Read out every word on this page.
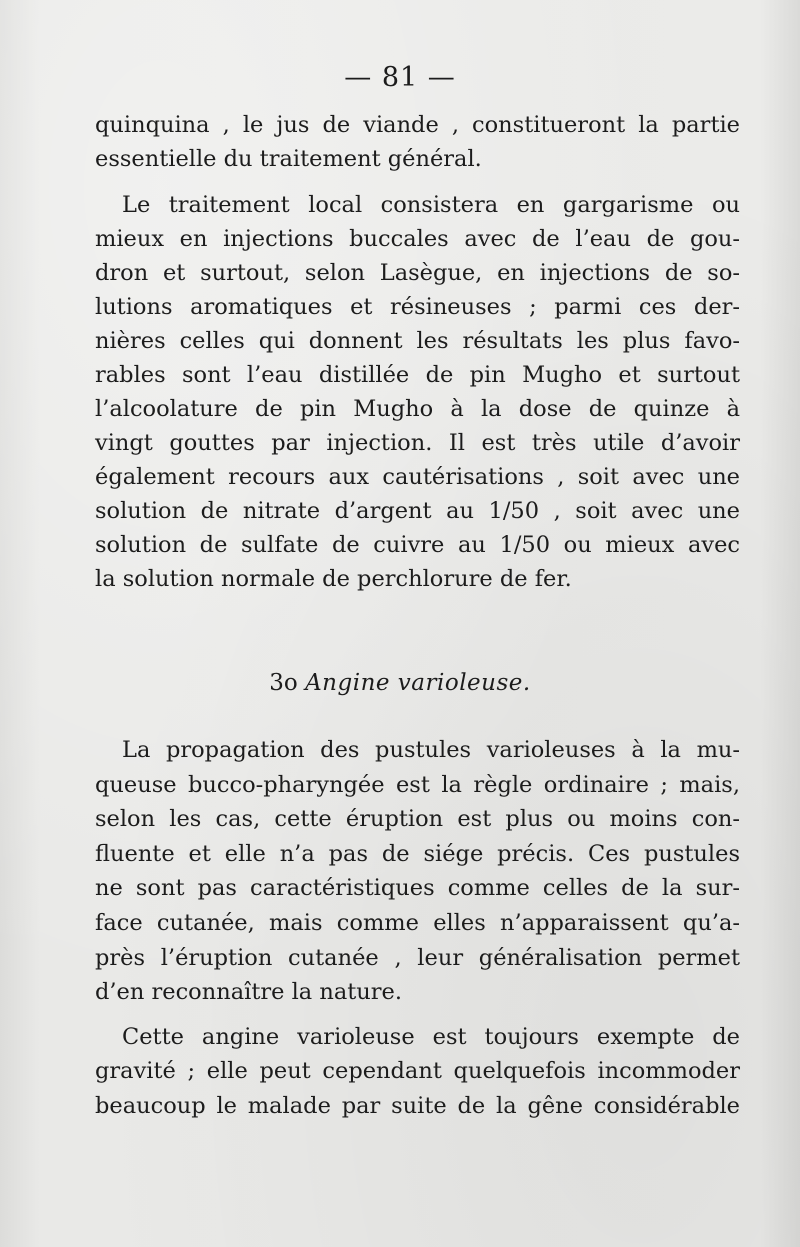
— 81 —

quinquina , le jus de viande , constitueront la partie
essentielle du traitement général.

Le traitement local consistera en gargarisme ou
mieux en injections buccales avec de l’eau de gou-
dron et surtout, selon Lasègue, en injections de so-
lutions aromatiques et résineuses ; parmi ces der-
nières celles qui donnent les résultats les plus favo-
rables sont l’eau distillée de pin Mugho et surtout
l’alcoolature de pin Mugho à la dose de quinze à
vingt gouttes par injection. Il est très utile d’avoir
également recours aux cautérisations , soit avec une
solution de nitrate d’argent au 1/50 , soit avec une
solution de sulfate de cuivre au 1/50 ou mieux avec
la solution normale de perchlorure de fer.

3o Angine varioleuse.

La propagation des pustules varioleuses à la mu-
queuse bucco-pharyngée est la règle ordinaire ; mais,
selon les cas, cette éruption est plus ou moins con-
fluente et elle n’a pas de siége précis. Ces pustules
ne sont pas caractéristiques comme celles de la sur-
face cutanée, mais comme elles n’apparaissent qu’a-
près l’éruption cutanée , leur généralisation permet
d’en reconnaître la nature.

Cette angine varioleuse est toujours exempte de
gravité ; elle peut cependant quelquefois incommoder
beaucoup le malade par suite de la gêne considérable
